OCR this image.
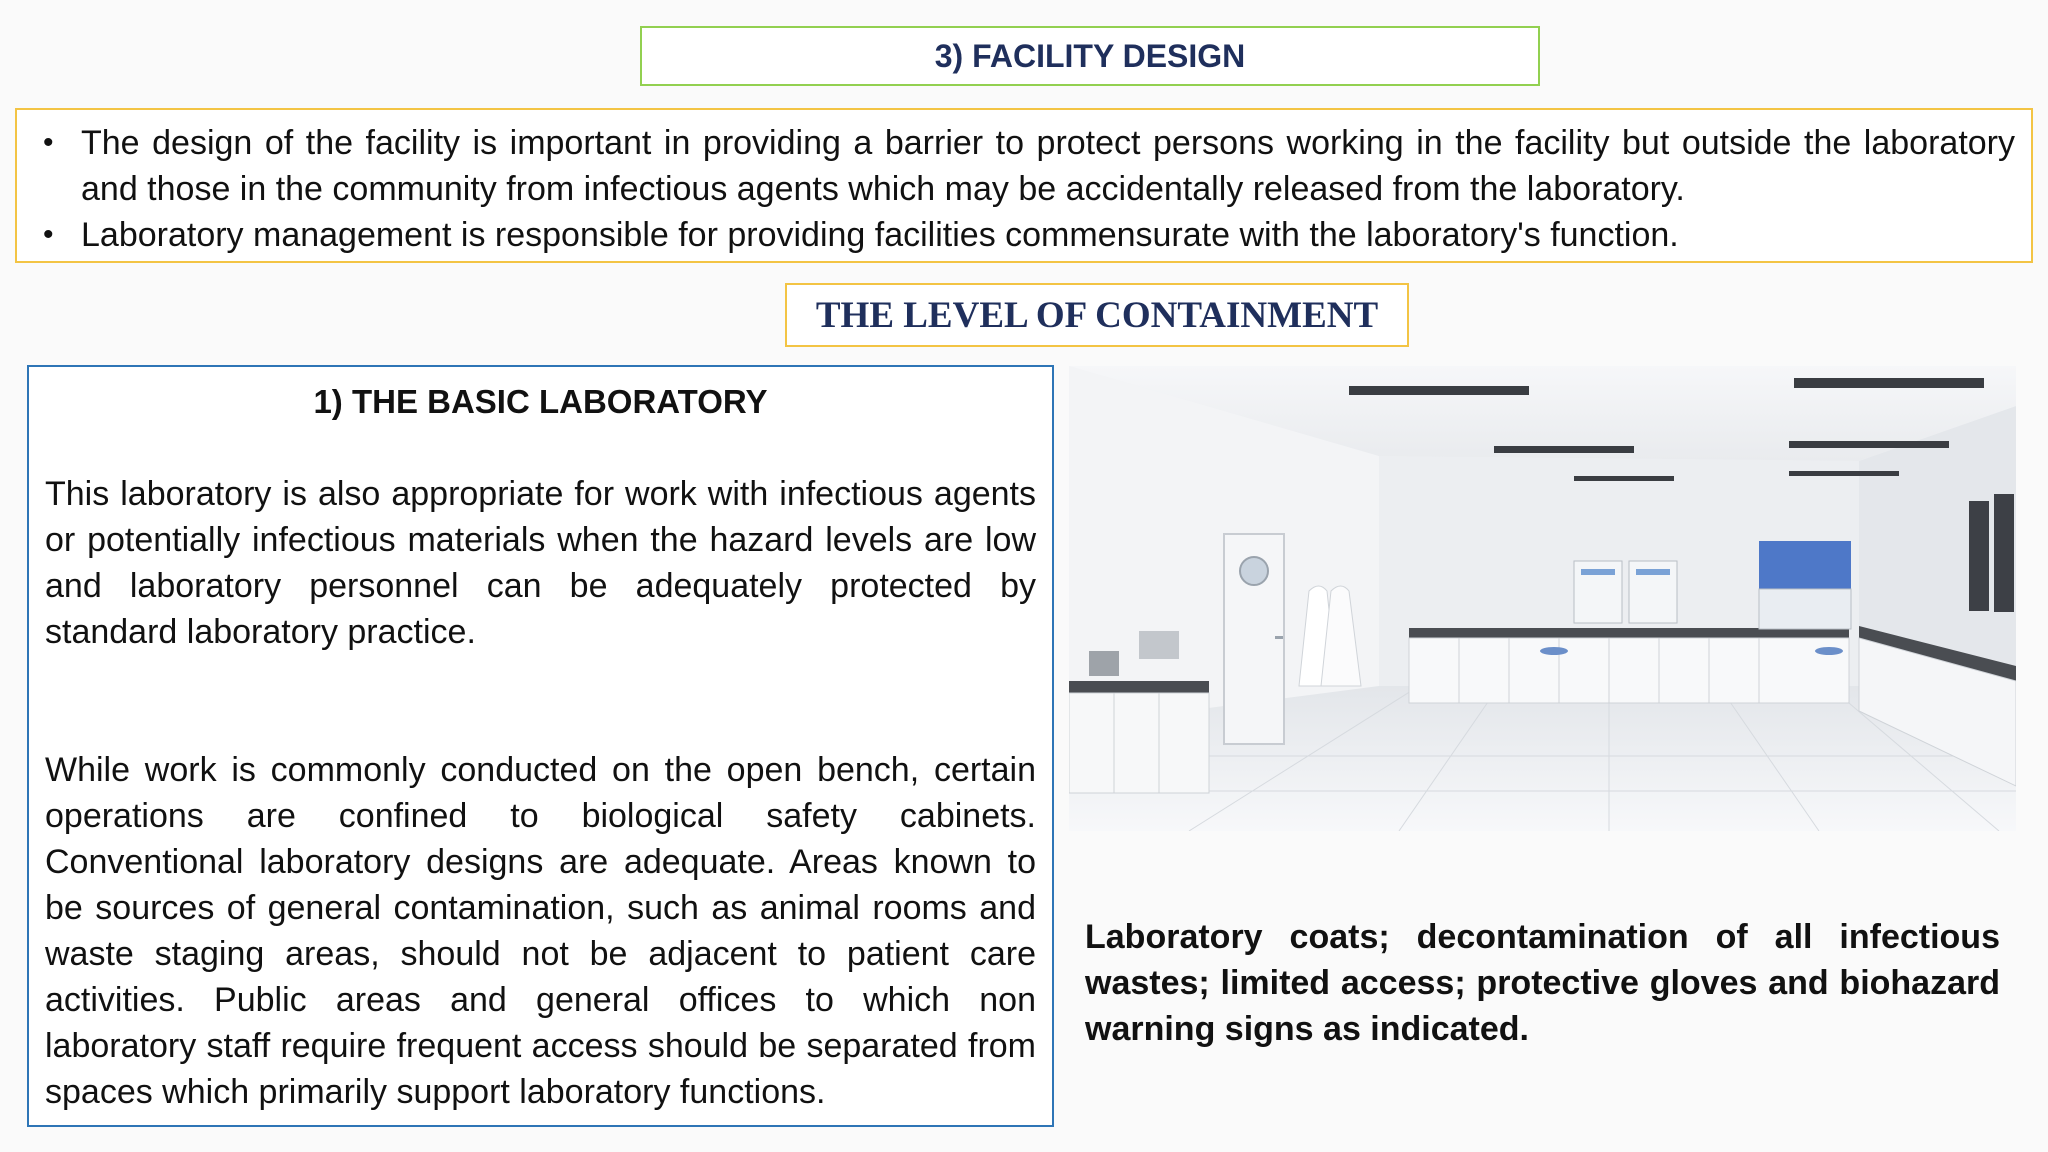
3) FACILITY DESIGN
• The design of the facility is important in providing a barrier to protect persons working in the facility but outside the laboratory and those in the community from infectious agents which may be accidentally released from the laboratory.
• Laboratory management is responsible for providing facilities commensurate with the laboratory's function.
THE LEVEL OF CONTAINMENT
1) THE BASIC LABORATORY

This laboratory is also appropriate for work with infectious agents or potentially infectious materials when the hazard levels are low and laboratory personnel can be adequately protected by standard laboratory practice.

While work is commonly conducted on the open bench, certain operations are confined to biological safety cabinets. Conventional laboratory designs are adequate. Areas known to be sources of general contamination, such as animal rooms and waste staging areas, should not be adjacent to patient care activities. Public areas and general offices to which non laboratory staff require frequent access should be separated from spaces which primarily support laboratory functions.

Laboratory coats; decontamination of all infectious wastes; limited access; protective gloves and biohazard warning signs as indicated.
